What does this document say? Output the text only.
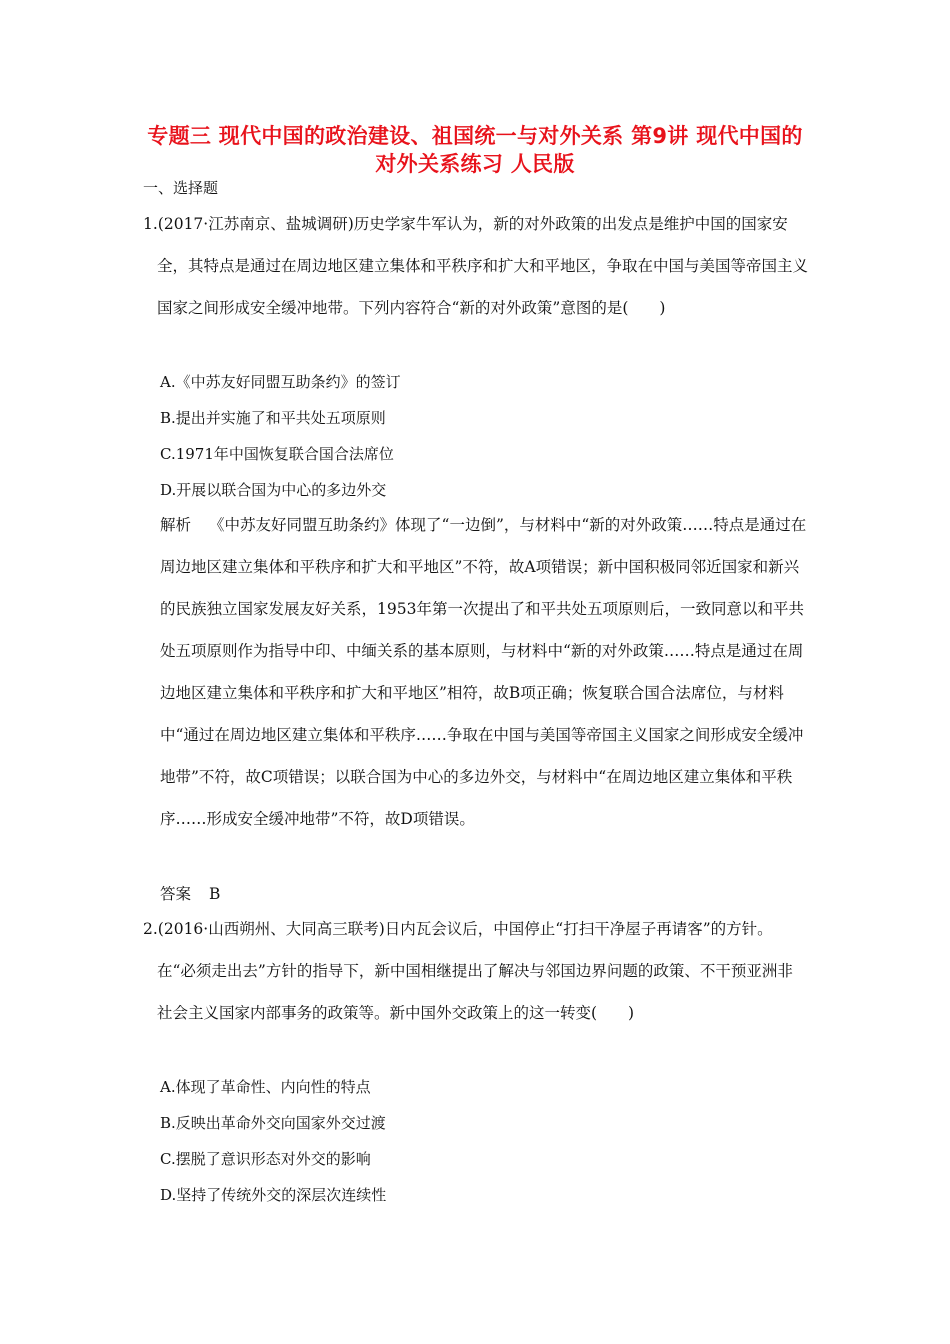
专题三 现代中国的政治建设、祖国统一与对外关系 第9讲 现代中国的对外关系练习 人民版
一、选择题
1.(2017·江苏南京、盐城调研)历史学家牛军认为，新的对外政策的出发点是维护中国的国家安全，其特点是通过在周边地区建立集体和平秩序和扩大和平地区，争取在中国与美国等帝国主义国家之间形成安全缓冲地带。下列内容符合“新的对外政策”意图的是(　　)
A.《中苏友好同盟互助条约》的签订
B.提出并实施了和平共处五项原则
C.1971年中国恢复联合国合法席位
D.开展以联合国为中心的多边外交
解析 《中苏友好同盟互助条约》体现了“一边倒”，与材料中“新的对外政策……特点是通过在周边地区建立集体和平秩序和扩大和平地区”不符，故A项错误；新中国积极同邻近国家和新兴的民族独立国家发展友好关系，1953年第一次提出了和平共处五项原则后，一致同意以和平共处五项原则作为指导中印、中缅关系的基本原则，与材料中“新的对外政策……特点是通过在周边地区建立集体和平秩序和扩大和平地区”相符，故B项正确；恢复联合国合法席位，与材料中“通过在周边地区建立集体和平秩序……争取在中国与美国等帝国主义国家之间形成安全缓冲地带”不符，故C项错误；以联合国为中心的多边外交，与材料中“在周边地区建立集体和平秩序……形成安全缓冲地带”不符，故D项错误。
答案 B
2.(2016·山西朔州、大同高三联考)日内瓦会议后，中国停止“打扫干净屋子再请客”的方针。在“必须走出去”方针的指导下，新中国相继提出了解决与邻国边界问题的政策、不干预亚洲非社会主义国家内部事务的政策等。新中国外交政策上的这一转变(　　)
A.体现了革命性、内向性的特点
B.反映出革命外交向国家外交过渡
C.摆脱了意识形态对外交的影响
D.坚持了传统外交的深层次连续性
